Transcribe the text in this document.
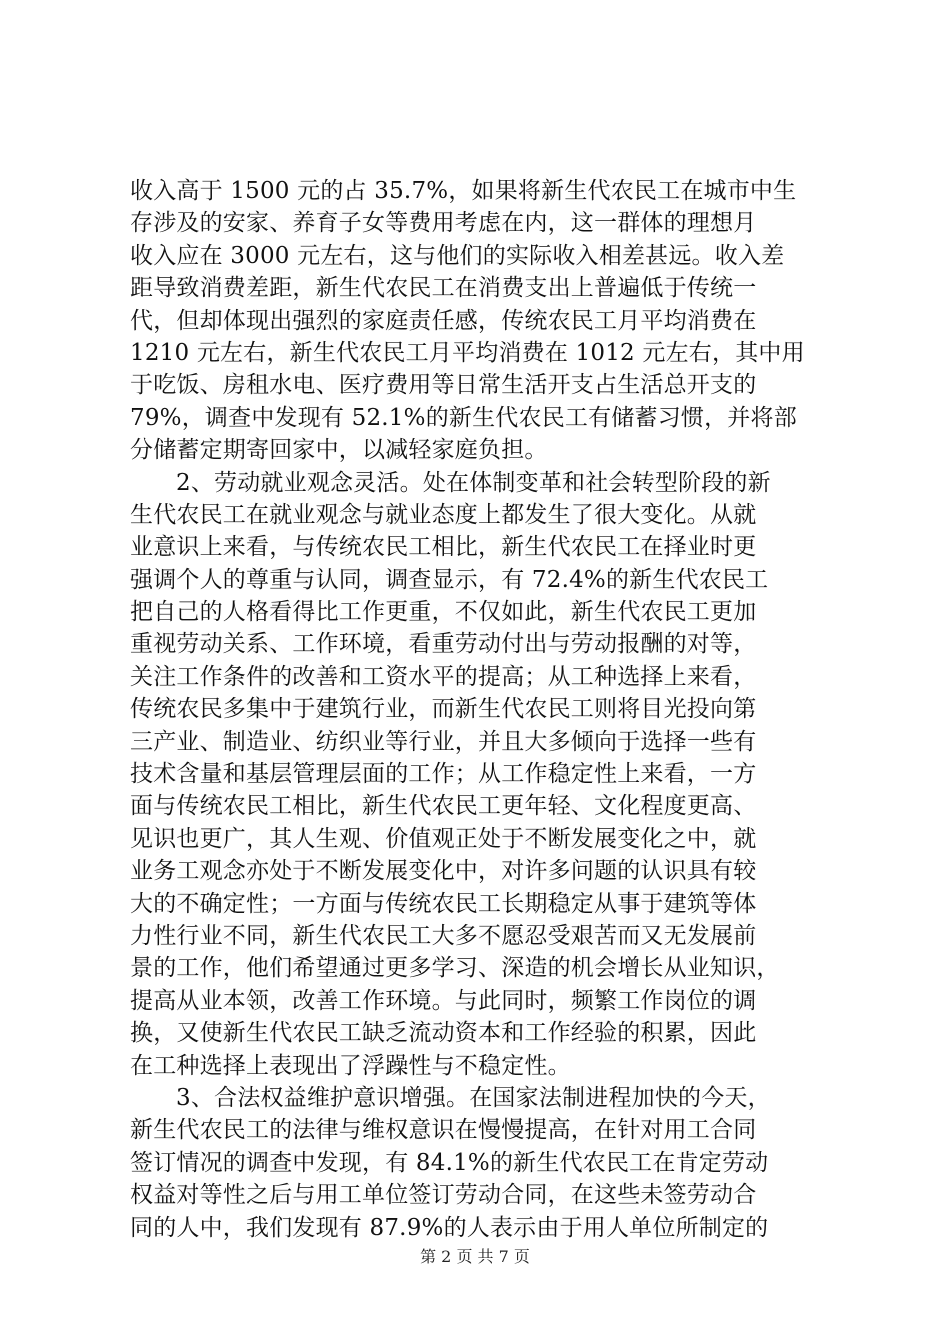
收入高于 1500 元的占 35.7%，如果将新生代农民工在城市中生
存涉及的安家、养育子女等费用考虑在内，这一群体的理想月
收入应在 3000 元左右，这与他们的实际收入相差甚远。收入差
距导致消费差距，新生代农民工在消费支出上普遍低于传统一
代，但却体现出强烈的家庭责任感，传统农民工月平均消费在
1210 元左右，新生代农民工月平均消费在 1012 元左右，其中用
于吃饭、房租水电、医疗费用等日常生活开支占生活总开支的
79%，调查中发现有 52.1%的新生代农民工有储蓄习惯，并将部
分储蓄定期寄回家中，以减轻家庭负担。
2、劳动就业观念灵活。处在体制变革和社会转型阶段的新
生代农民工在就业观念与就业态度上都发生了很大变化。从就
业意识上来看，与传统农民工相比，新生代农民工在择业时更
强调个人的尊重与认同，调查显示，有 72.4%的新生代农民工
把自己的人格看得比工作更重，不仅如此，新生代农民工更加
重视劳动关系、工作环境，看重劳动付出与劳动报酬的对等，
关注工作条件的改善和工资水平的提高；从工种选择上来看，
传统农民多集中于建筑行业，而新生代农民工则将目光投向第
三产业、制造业、纺织业等行业，并且大多倾向于选择一些有
技术含量和基层管理层面的工作；从工作稳定性上来看，一方
面与传统农民工相比，新生代农民工更年轻、文化程度更高、
见识也更广，其人生观、价值观正处于不断发展变化之中，就
业务工观念亦处于不断发展变化中，对许多问题的认识具有较
大的不确定性；一方面与传统农民工长期稳定从事于建筑等体
力性行业不同，新生代农民工大多不愿忍受艰苦而又无发展前
景的工作，他们希望通过更多学习、深造的机会增长从业知识，
提高从业本领，改善工作环境。与此同时，频繁工作岗位的调
换，又使新生代农民工缺乏流动资本和工作经验的积累，因此
在工种选择上表现出了浮躁性与不稳定性。
3、合法权益维护意识增强。在国家法制进程加快的今天，
新生代农民工的法律与维权意识在慢慢提高，在针对用工合同
签订情况的调查中发现，有 84.1%的新生代农民工在肯定劳动
权益对等性之后与用工单位签订劳动合同，在这些未签劳动合
同的人中，我们发现有 87.9%的人表示由于用人单位所制定的
第 2 页 共 7 页
